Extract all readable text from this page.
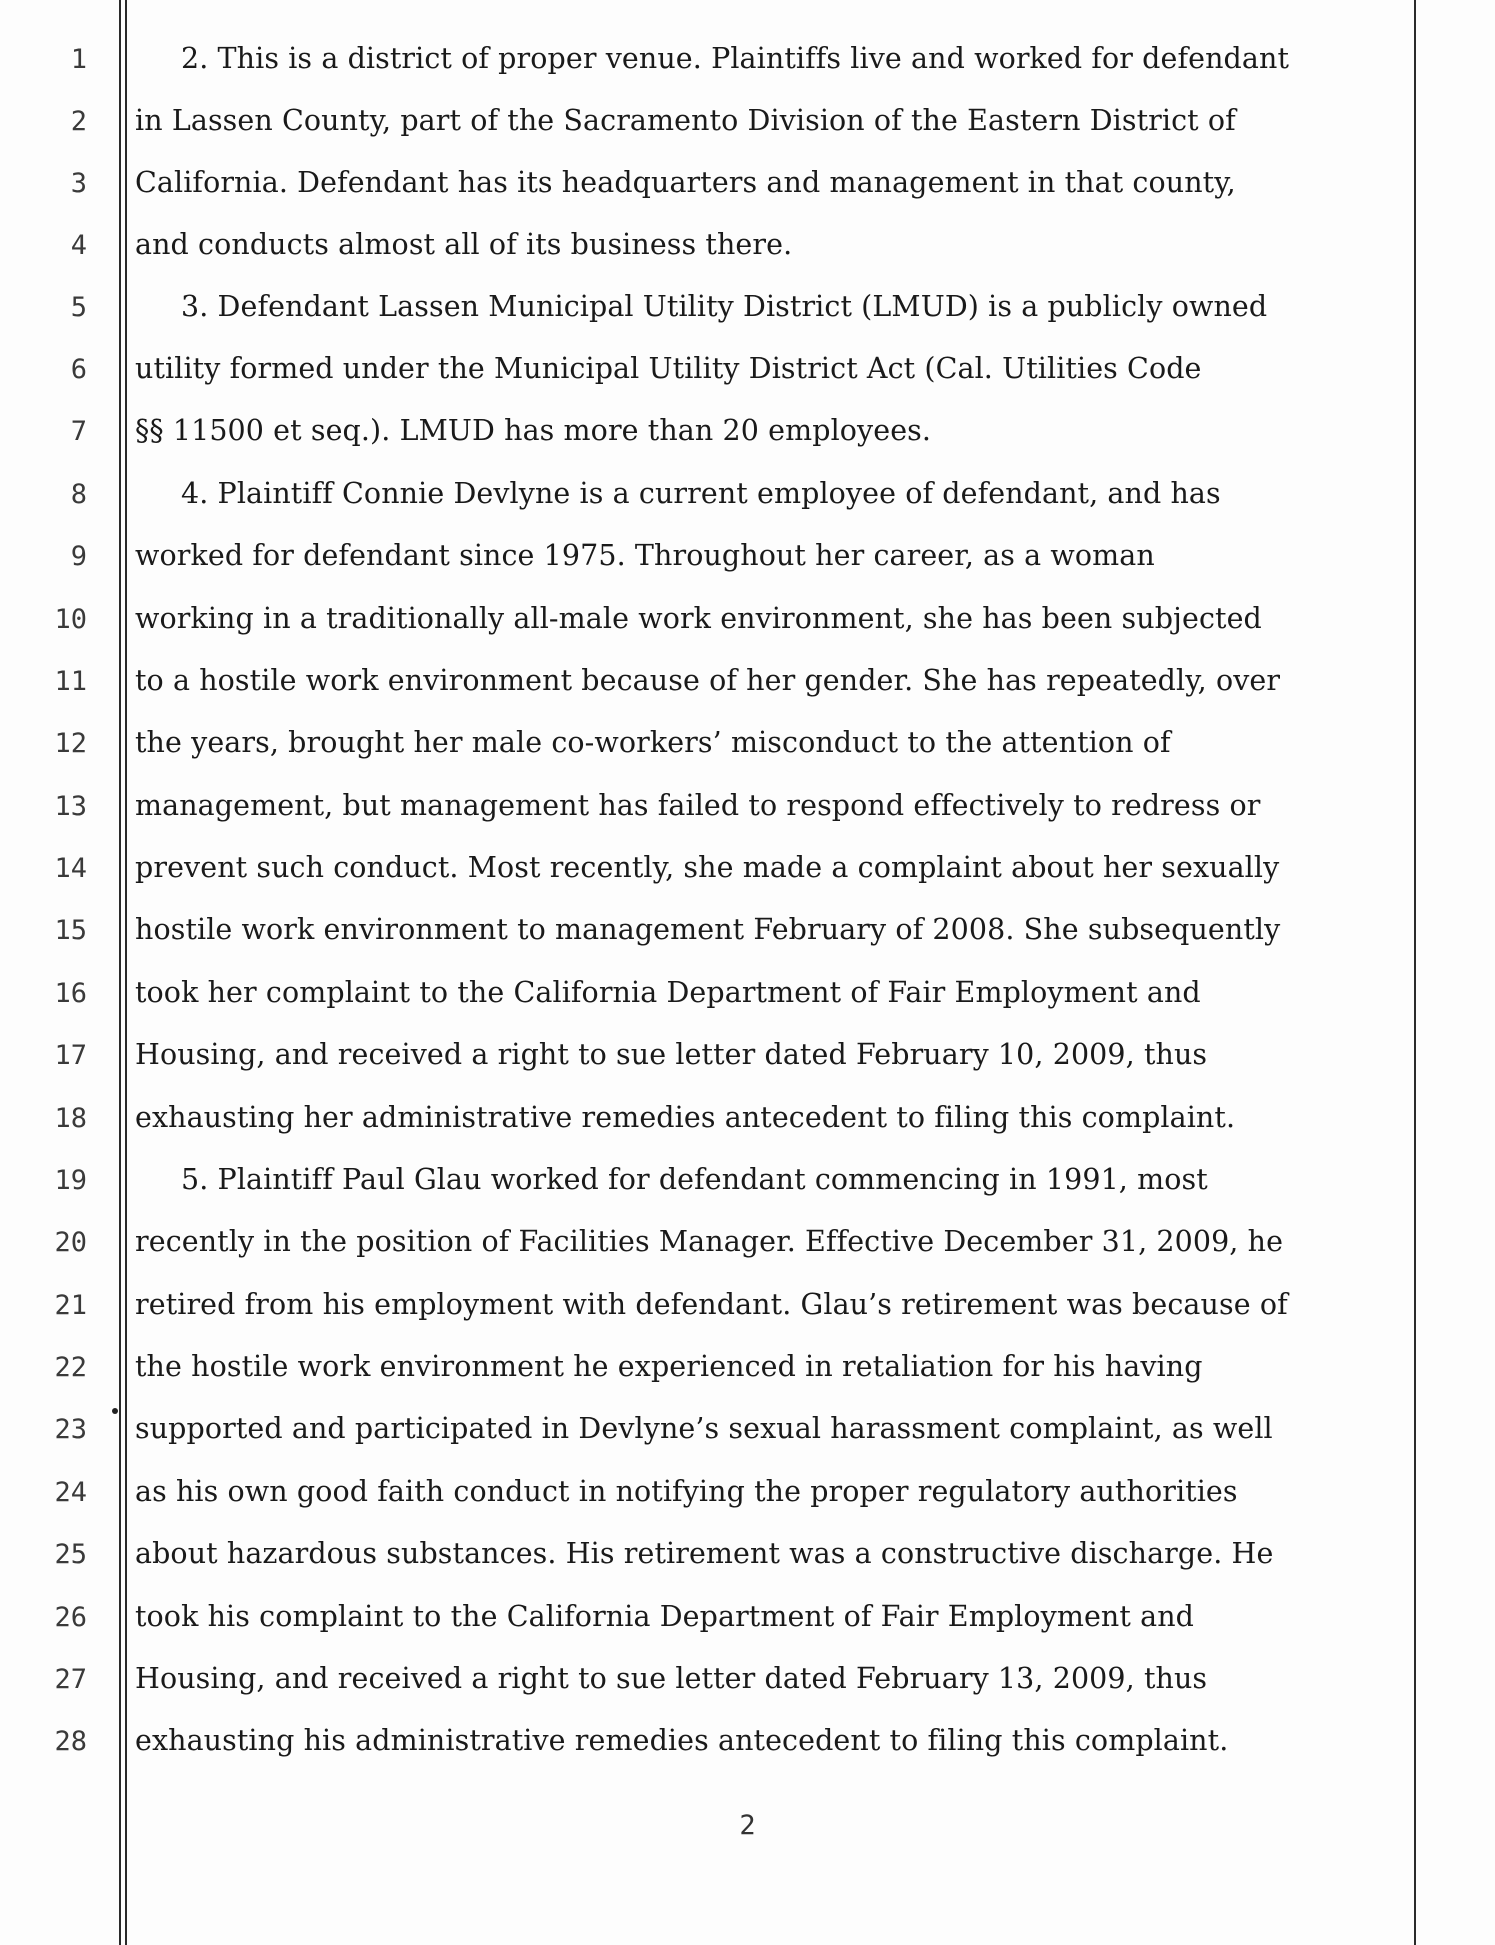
1
2
3
4
5
6
7
8
9
10
11
12
13
14
15
16
17
18
19
20
21
22
23
24
25
26
27
28
2. This is a district of proper venue. Plaintiffs live and worked for defendant
in Lassen County, part of the Sacramento Division of the Eastern District of
California. Defendant has its headquarters and management in that county,
and conducts almost all of its business there.
3. Defendant Lassen Municipal Utility District (LMUD) is a publicly owned
utility formed under the Municipal Utility District Act (Cal. Utilities Code
§§ 11500 et seq.). LMUD has more than 20 employees.
4. Plaintiff Connie Devlyne is a current employee of defendant, and has
worked for defendant since 1975. Throughout her career, as a woman
working in a traditionally all-male work environment, she has been subjected
to a hostile work environment because of her gender. She has repeatedly, over
the years, brought her male co-workers’ misconduct to the attention of
management, but management has failed to respond effectively to redress or
prevent such conduct. Most recently, she made a complaint about her sexually
hostile work environment to management February of 2008. She subsequently
took her complaint to the California Department of Fair Employment and
Housing, and received a right to sue letter dated February 10, 2009, thus
exhausting her administrative remedies antecedent to filing this complaint.
5. Plaintiff Paul Glau worked for defendant commencing in 1991, most
recently in the position of Facilities Manager. Effective December 31, 2009, he
retired from his employment with defendant. Glau’s retirement was because of
the hostile work environment he experienced in retaliation for his having
supported and participated in Devlyne’s sexual harassment complaint, as well
as his own good faith conduct in notifying the proper regulatory authorities
about hazardous substances. His retirement was a constructive discharge. He
took his complaint to the California Department of Fair Employment and
Housing, and received a right to sue letter dated February 13, 2009, thus
exhausting his administrative remedies antecedent to filing this complaint.
2
